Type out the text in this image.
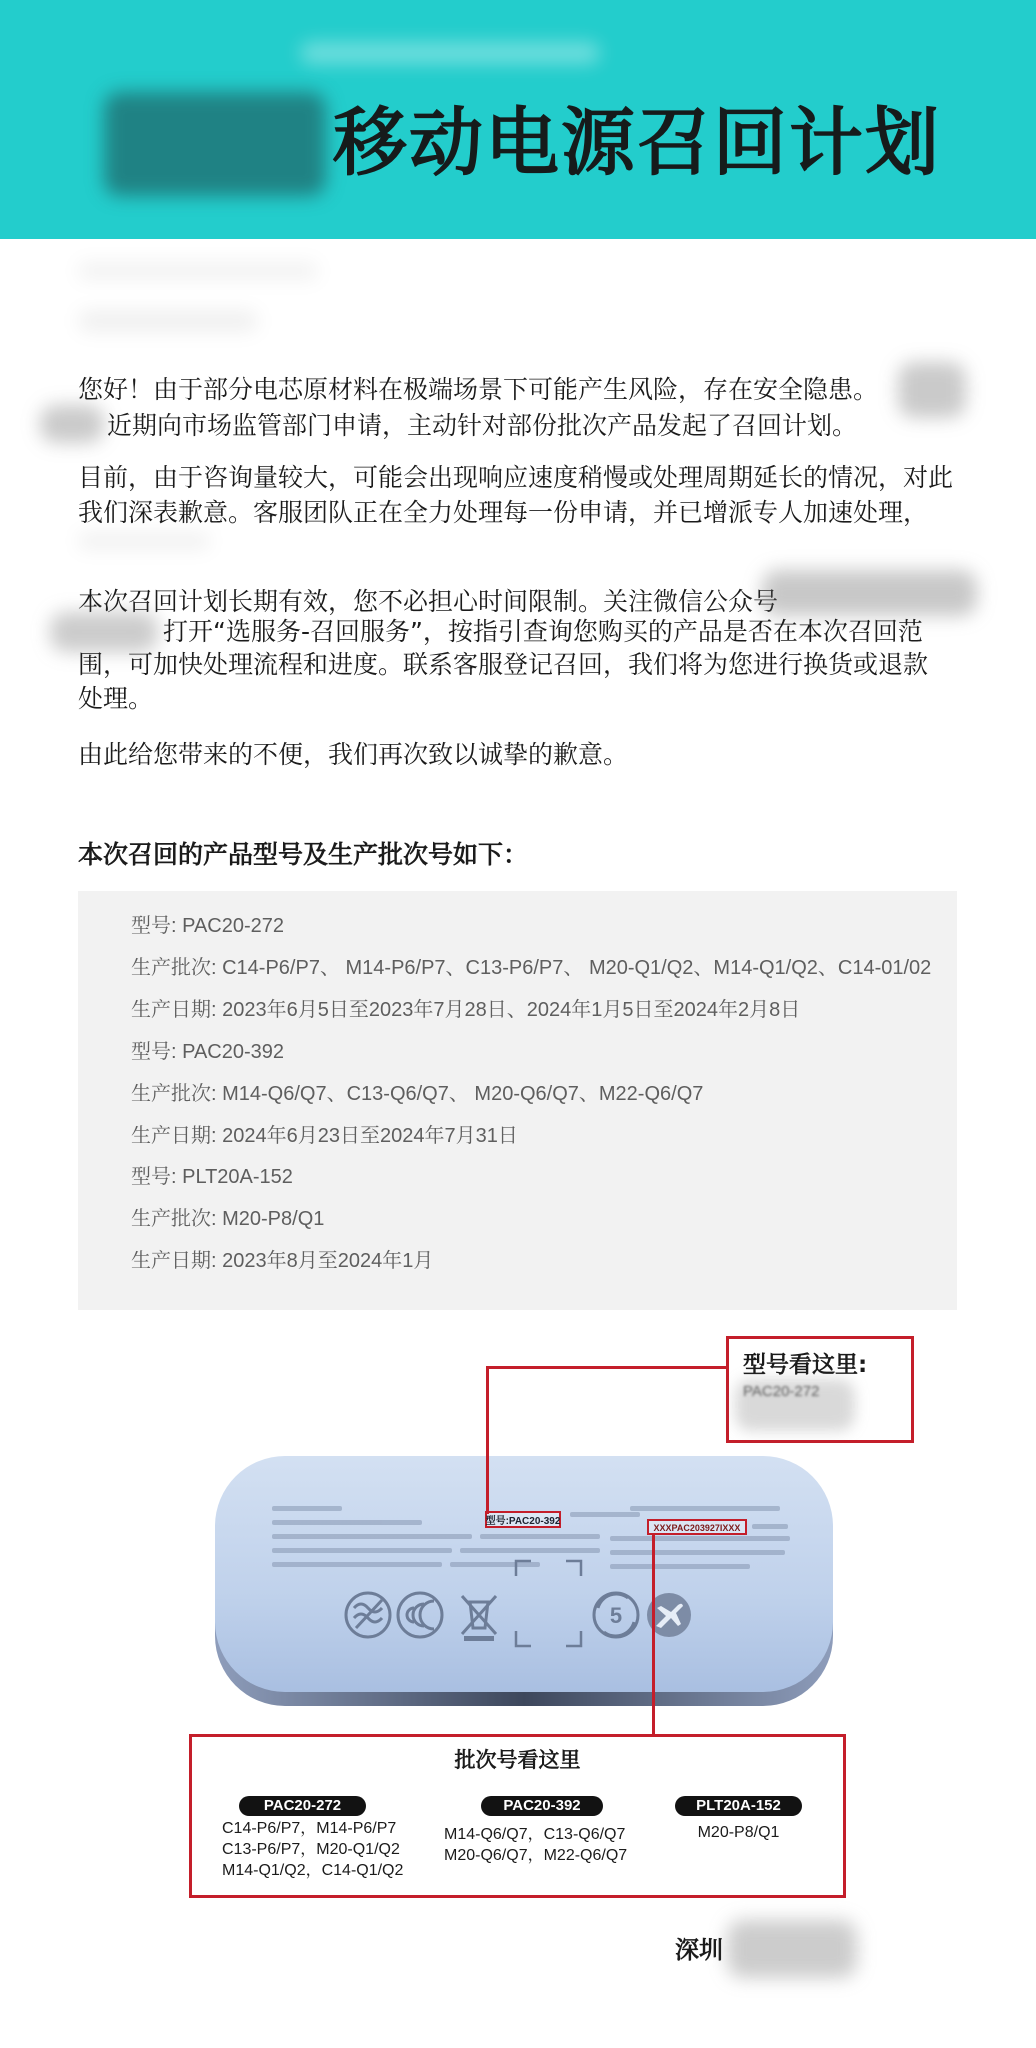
移动电源召回计划
您好！由于部分电芯原材料在极端场景下可能产生风险，存在安全隐患。
近期向市场监管部门申请，主动针对部份批次产品发起了召回计划。
目前，由于咨询量较大，可能会出现响应速度稍慢或处理周期延长的情况，对此
我们深表歉意。客服团队正在全力处理每一份申请，并已增派专人加速处理，
本次召回计划长期有效，您不必担心时间限制。关注微信公众号
打开“选服务-召回服务”，按指引查询您购买的产品是否在本次召回范
围，可加快处理流程和进度。联系客服登记召回，我们将为您进行换货或退款
处理。
由此给您带来的不便，我们再次致以诚挚的歉意。
本次召回的产品型号及生产批次号如下：
型号: PAC20-272
生产批次: C14-P6/P7、 M14-P6/P7、C13-P6/P7、 M20-Q1/Q2、M14-Q1/Q2、C14-01/02
生产日期: 2023年6月5日至2023年7月28日、2024年1月5日至2024年2月8日
型号: PAC20-392
生产批次: M14-Q6/Q7、C13-Q6/Q7、 M20-Q6/Q7、M22-Q6/Q7
生产日期: 2024年6月23日至2024年7月31日
型号: PLT20A-152
生产批次: M20-P8/Q1
生产日期: 2023年8月至2024年1月
型号看这里:
PAC20-272
型号:PAC20-392
XXXPAC203927IXXX
5
批次号看这里
PAC20-272	PAC20-392	PLT20A-152
C14-P6/P7，M14-P6/P7
C13-P6/P7，M20-Q1/Q2
M14-Q1/Q2，C14-Q1/Q2
M14-Q6/Q7，C13-Q6/Q7
M20-Q6/Q7，M22-Q6/Q7
M20-P8/Q1
深圳
